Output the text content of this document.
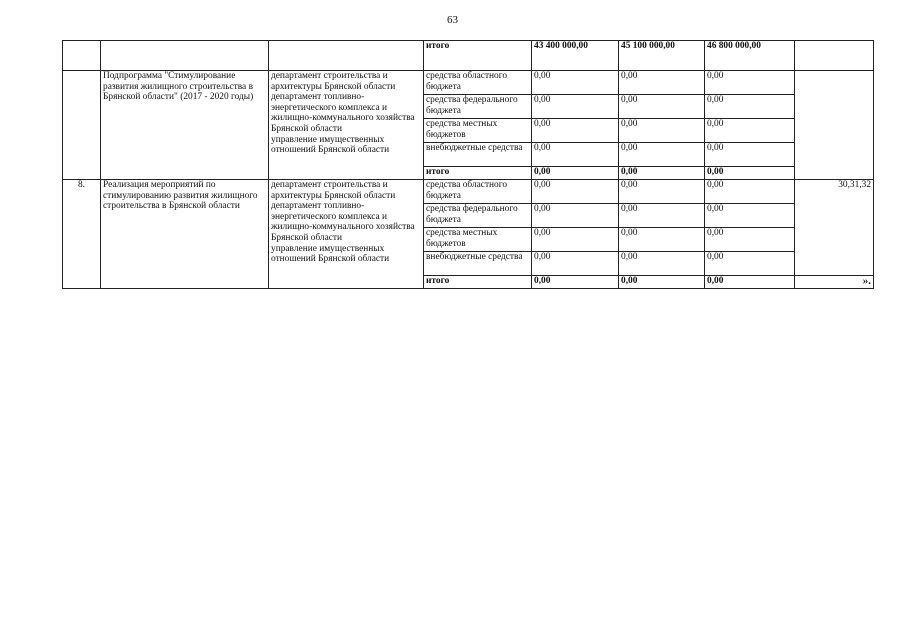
63
			итого	43 400 000,00	45 100 000,00	46 800 000,00	
	Подпрограмма "Стимулирование развития жилищного строительства в Брянской области" (2017 - 2020 годы)	департамент строительства и архитектуры Брянской области
департамент топливно-энергетического комплекса и жилищно-коммунального хозяйства Брянской области
управление имущественных отношений Брянской области	средства областного бюджета	0,00	0,00	0,00	
			средства федерального бюджета	0,00	0,00	0,00	
			средства местных бюджетов	0,00	0,00	0,00	
			внебюджетные средства	0,00	0,00	0,00	
			итого	0,00	0,00	0,00	
8.	Реализация мероприятий по стимулированию развития жилищного строительства в Брянской области	департамент строительства и архитектуры Брянской области
департамент топливно-энергетического комплекса и жилищно-коммунального хозяйства Брянской области
управление имущественных отношений Брянской области	средства областного бюджета	0,00	0,00	0,00	30,31,32
			средства федерального бюджета	0,00	0,00	0,00	
			средства местных бюджетов	0,00	0,00	0,00	
			внебюджетные средства	0,00	0,00	0,00	
			итого	0,00	0,00	0,00	».
